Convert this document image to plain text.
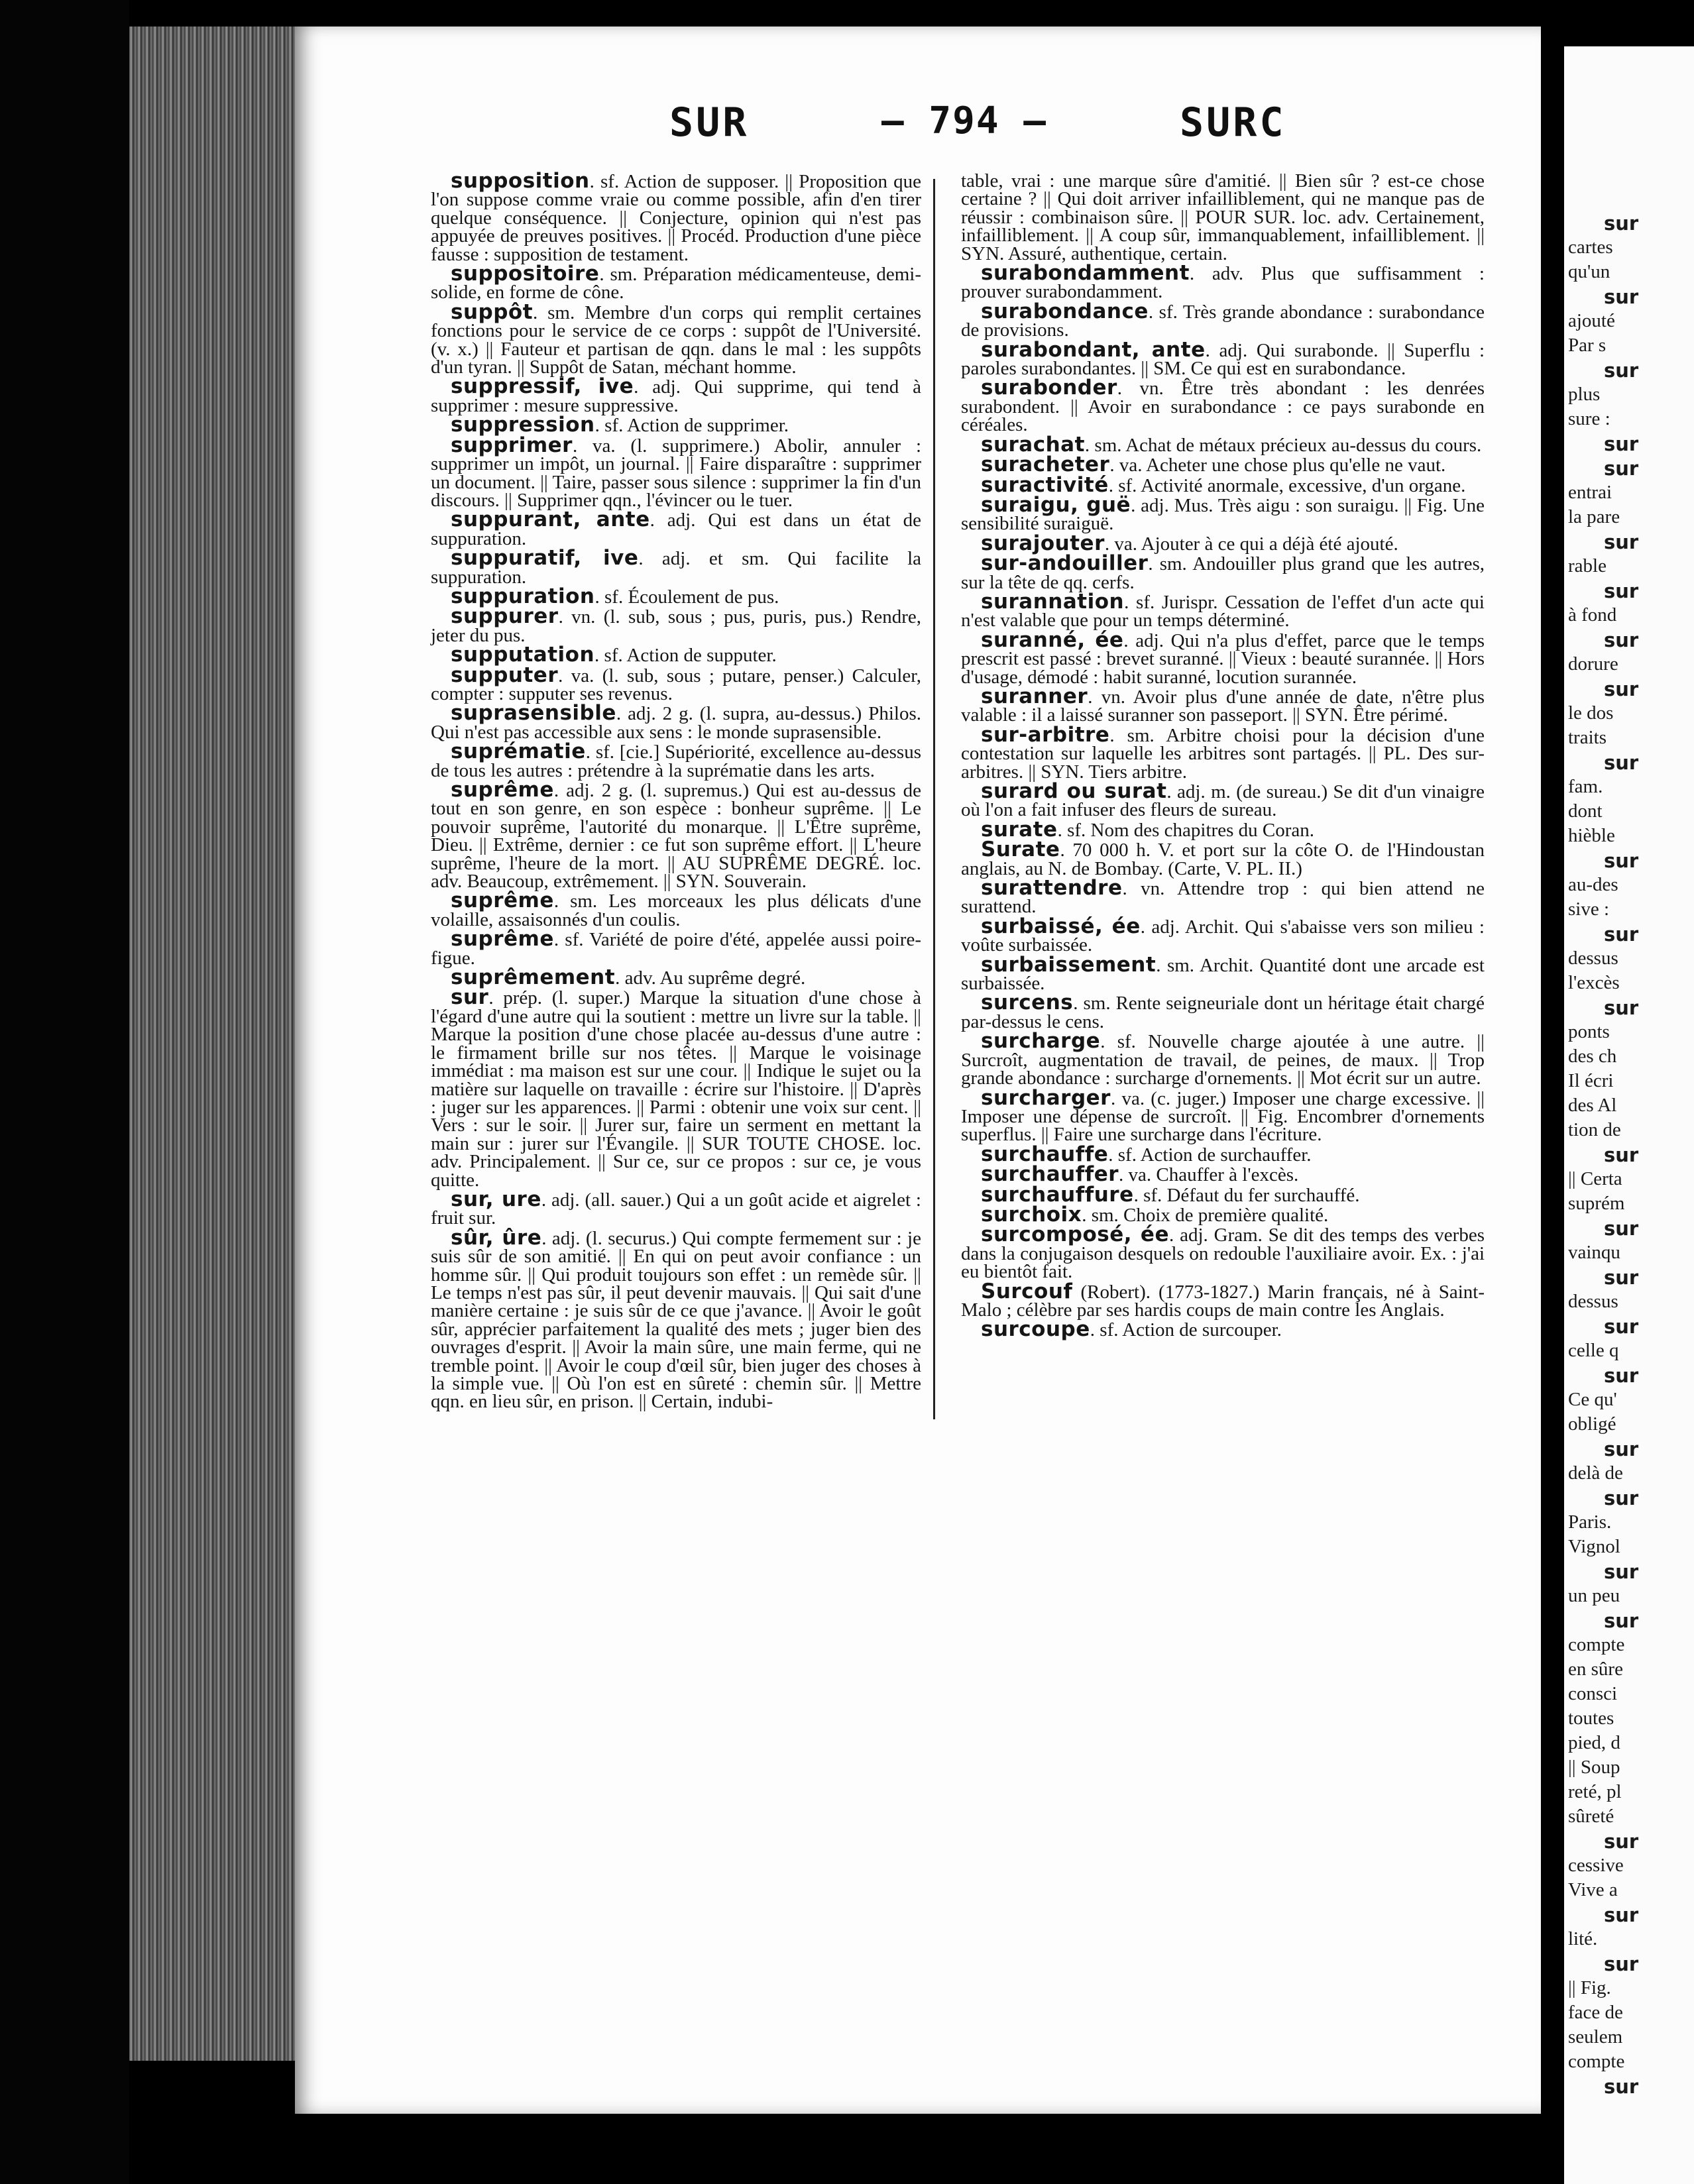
sur
cartes
qu'un
sur
ajouté
Par s
sur
plus
sure :
sur
sur
entrai
la pare
sur
rable
sur
à fond
sur
dorure
sur
le dos
traits
sur
fam.
dont
hièble
sur
au-des
sive :
sur
dessus
l'excès
sur
ponts
des ch
Il écri
des Al
tion de
sur
|| Certa
suprém
sur
vainqu
sur
dessus
sur
celle q
sur
Ce qu'
obligé
sur
delà de
sur
Paris.
Vignol
sur
un peu
sur
compte
en sûre
consci
toutes
pied, d
|| Soup
reté, pl
sûreté
sur
cessive
Vive a
sur
lité.
sur
|| Fig.
face de
seulem
compte
sur
SUR	— 794 —	SURC
supposition. sf. Action de supposer. || Proposition que l'on suppose comme vraie ou comme possible, afin d'en tirer quelque conséquence. || Conjecture, opinion qui n'est pas appuyée de preuves positives. || Procéd. Production d'une pièce fausse : supposition de testament.
suppositoire. sm. Préparation médicamenteuse, demi-solide, en forme de cône.
suppôt. sm. Membre d'un corps qui remplit certaines fonctions pour le service de ce corps : suppôt de l'Université. (v. x.) || Fauteur et partisan de qqn. dans le mal : les suppôts d'un tyran. || Suppôt de Satan, méchant homme.
suppressif, ive. adj. Qui supprime, qui tend à supprimer : mesure suppressive.
suppression. sf. Action de supprimer.
supprimer. va. (l. supprimere.) Abolir, annuler : supprimer un impôt, un journal. || Faire disparaître : supprimer un document. || Taire, passer sous silence : supprimer la fin d'un discours. || Supprimer qqn., l'évincer ou le tuer.
suppurant, ante. adj. Qui est dans un état de suppuration.
suppuratif, ive. adj. et sm. Qui facilite la suppuration.
suppuration. sf. Écoulement de pus.
suppurer. vn. (l. sub, sous ; pus, puris, pus.) Rendre, jeter du pus.
supputation. sf. Action de supputer.
supputer. va. (l. sub, sous ; putare, penser.) Calculer, compter : supputer ses revenus.
suprasensible. adj. 2 g. (l. supra, au-dessus.) Philos. Qui n'est pas accessible aux sens : le monde suprasensible.
suprématie. sf. [cie.] Supériorité, excellence au-dessus de tous les autres : prétendre à la suprématie dans les arts.
suprême. adj. 2 g. (l. supremus.) Qui est au-dessus de tout en son genre, en son espèce : bonheur suprême. || Le pouvoir suprême, l'autorité du monarque. || L'Être suprême, Dieu. || Extrême, dernier : ce fut son suprême effort. || L'heure suprême, l'heure de la mort. || AU SUPRÊME DEGRÉ. loc. adv. Beaucoup, extrêmement. || SYN. Souverain.
suprême. sm. Les morceaux les plus délicats d'une volaille, assaisonnés d'un coulis.
suprême. sf. Variété de poire d'été, appelée aussi poire-figue.
suprêmement. adv. Au suprême degré.
sur. prép. (l. super.) Marque la situation d'une chose à l'égard d'une autre qui la soutient : mettre un livre sur la table. || Marque la position d'une chose placée au-dessus d'une autre : le firmament brille sur nos têtes. || Marque le voisinage immédiat : ma maison est sur une cour. || Indique le sujet ou la matière sur laquelle on travaille : écrire sur l'histoire. || D'après : juger sur les apparences. || Parmi : obtenir une voix sur cent. || Vers : sur le soir. || Jurer sur, faire un serment en mettant la main sur : jurer sur l'Évangile. || SUR TOUTE CHOSE. loc. adv. Principalement. || Sur ce, sur ce propos : sur ce, je vous quitte.
sur, ure. adj. (all. sauer.) Qui a un goût acide et aigrelet : fruit sur.
sûr, ûre. adj. (l. securus.) Qui compte fermement sur : je suis sûr de son amitié. || En qui on peut avoir confiance : un homme sûr. || Qui produit toujours son effet : un remède sûr. || Le temps n'est pas sûr, il peut devenir mauvais. || Qui sait d'une manière certaine : je suis sûr de ce que j'avance. || Avoir le goût sûr, apprécier parfaitement la qualité des mets ; juger bien des ouvrages d'esprit. || Avoir la main sûre, une main ferme, qui ne tremble point. || Avoir le coup d'œil sûr, bien juger des choses à la simple vue. || Où l'on est en sûreté : chemin sûr. || Mettre qqn. en lieu sûr, en prison. || Certain, indubi-
table, vrai : une marque sûre d'amitié. || Bien sûr ? est-ce chose certaine ? || Qui doit arriver infailliblement, qui ne manque pas de réussir : combinaison sûre. || POUR SUR. loc. adv. Certainement, infailliblement. || A coup sûr, immanquablement, infailliblement. || SYN. Assuré, authentique, certain.
surabondamment. adv. Plus que suffisamment : prouver surabondamment.
surabondance. sf. Très grande abondance : surabondance de provisions.
surabondant, ante. adj. Qui surabonde. || Superflu : paroles surabondantes. || SM. Ce qui est en surabondance.
surabonder. vn. Être très abondant : les denrées surabondent. || Avoir en surabondance : ce pays surabonde en céréales.
surachat. sm. Achat de métaux précieux au-dessus du cours.
suracheter. va. Acheter une chose plus qu'elle ne vaut.
suractivité. sf. Activité anormale, excessive, d'un organe.
suraigu, guë. adj. Mus. Très aigu : son suraigu. || Fig. Une sensibilité suraiguë.
surajouter. va. Ajouter à ce qui a déjà été ajouté.
sur-andouiller. sm. Andouiller plus grand que les autres, sur la tête de qq. cerfs.
surannation. sf. Jurispr. Cessation de l'effet d'un acte qui n'est valable que pour un temps déterminé.
suranné, ée. adj. Qui n'a plus d'effet, parce que le temps prescrit est passé : brevet suranné. || Vieux : beauté surannée. || Hors d'usage, démodé : habit suranné, locution surannée.
suranner. vn. Avoir plus d'une année de date, n'être plus valable : il a laissé suranner son passeport. || SYN. Être périmé.
sur-arbitre. sm. Arbitre choisi pour la décision d'une contestation sur laquelle les arbitres sont partagés. || PL. Des sur-arbitres. || SYN. Tiers arbitre.
surard ou surat. adj. m. (de sureau.) Se dit d'un vinaigre où l'on a fait infuser des fleurs de sureau.
surate. sf. Nom des chapitres du Coran.
Surate. 70 000 h. V. et port sur la côte O. de l'Hindoustan anglais, au N. de Bombay. (Carte, V. PL. II.)
surattendre. vn. Attendre trop : qui bien attend ne surattend.
surbaissé, ée. adj. Archit. Qui s'abaisse vers son milieu : voûte surbaissée.
surbaissement. sm. Archit. Quantité dont une arcade est surbaissée.
surcens. sm. Rente seigneuriale dont un héritage était chargé par-dessus le cens.
surcharge. sf. Nouvelle charge ajoutée à une autre. || Surcroît, augmentation de travail, de peines, de maux. || Trop grande abondance : surcharge d'ornements. || Mot écrit sur un autre.
surcharger. va. (c. juger.) Imposer une charge excessive. || Imposer une dépense de surcroît. || Fig. Encombrer d'ornements superflus. || Faire une surcharge dans l'écriture.
surchauffe. sf. Action de surchauffer.
surchauffer. va. Chauffer à l'excès.
surchauffure. sf. Défaut du fer surchauffé.
surchoix. sm. Choix de première qualité.
surcomposé, ée. adj. Gram. Se dit des temps des verbes dans la conjugaison desquels on redouble l'auxiliaire avoir. Ex. : j'ai eu bientôt fait.
Surcouf (Robert). (1773-1827.) Marin français, né à Saint-Malo ; célèbre par ses hardis coups de main contre les Anglais.
surcoupe. sf. Action de surcouper.
